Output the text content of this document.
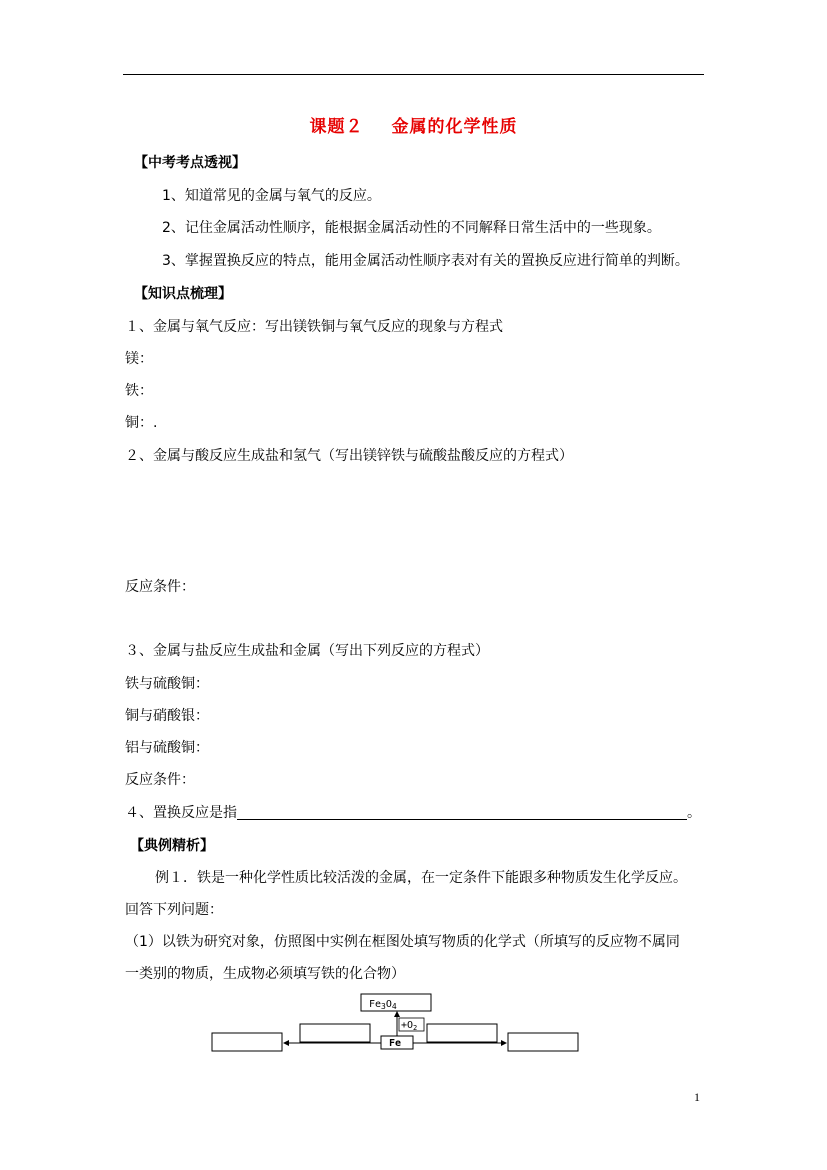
课题２ 金属的化学性质
【中考考点透视】
1、知道常见的金属与氧气的反应。
2、记住金属活动性顺序，能根据金属活动性的不同解释日常生活中的一些现象。
3、掌握置换反应的特点，能用金属活动性顺序表对有关的置换反应进行简单的判断。
【知识点梳理】
１、金属与氧气反应：写出镁铁铜与氧气反应的现象与方程式
镁：
铁：
铜：.
２、金属与酸反应生成盐和氢气（写出镁锌铁与硫酸盐酸反应的方程式）
反应条件：
３、金属与盐反应生成盐和金属（写出下列反应的方程式）
铁与硫酸铜：
铜与硝酸银：
铝与硫酸铜：
反应条件：
４、置换反应是指	。
【典例精析】
例１．铁是一种化学性质比较活泼的金属，在一定条件下能跟多种物质发生化学反应。
回答下列问题：
（1）以铁为研究对象，仿照图中实例在框图处填写物质的化学式（所填写的反应物不属同
一类别的物质，生成物必须填写铁的化合物）
$Fe_3O_4$
$+O_2$
Fe
1
